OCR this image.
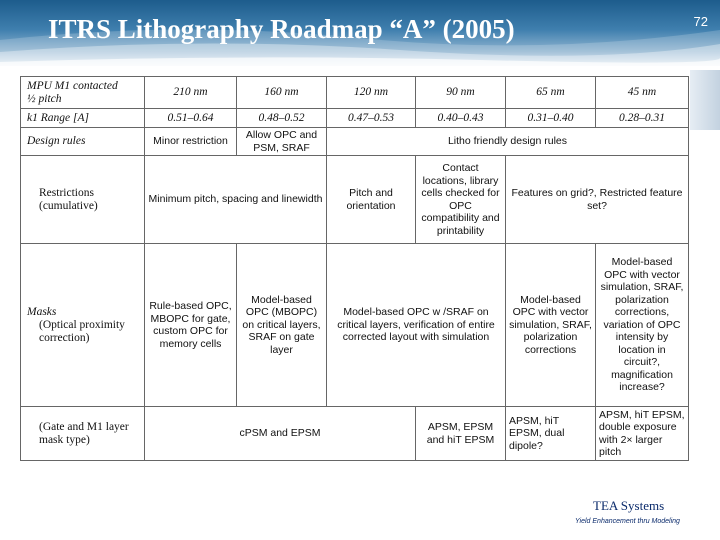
ITRS Lithography Roadmap “A” (2005)	72
MPU M1 contacted
½ pitch	210 nm	160 nm	120 nm	90 nm	65 nm	45 nm
k1 Range [A]	0.51–0.64	0.48–0.52	0.47–0.53	0.40–0.43	0.31–0.40	0.28–0.31
Design rules	Minor restriction	Allow OPC and PSM, SRAF	Litho friendly design rules			

Restrictions
(cumulative)	Minimum pitch, spacing and linewidth		Pitch and orientation	Contact locations, library cells checked for OPC compatibility and printability	Features on grid?, Restricted feature set?	
Masks
(Optical proximity
correction)	Rule-based OPC, MBOPC for gate, custom OPC for memory cells	Model-based OPC (MBOPC) on critical layers, SRAF on gate layer	Model-based OPC w /SRAF on critical layers, verification of entire corrected layout with simulation		Model-based OPC with vector simulation, SRAF, polarization corrections	Model-based OPC with vector simulation, SRAF, polarization corrections, variation of OPC intensity by location in circuit?, magnification increase?

(Gate and M1 layer
mask type)	cPSM and EPSM			APSM, EPSM and hiT EPSM	APSM, hiT EPSM, dual dipole?	APSM, hiT EPSM, double exposure with 2× larger pitch
TEA Systems
Yield Enhancement thru Modeling
